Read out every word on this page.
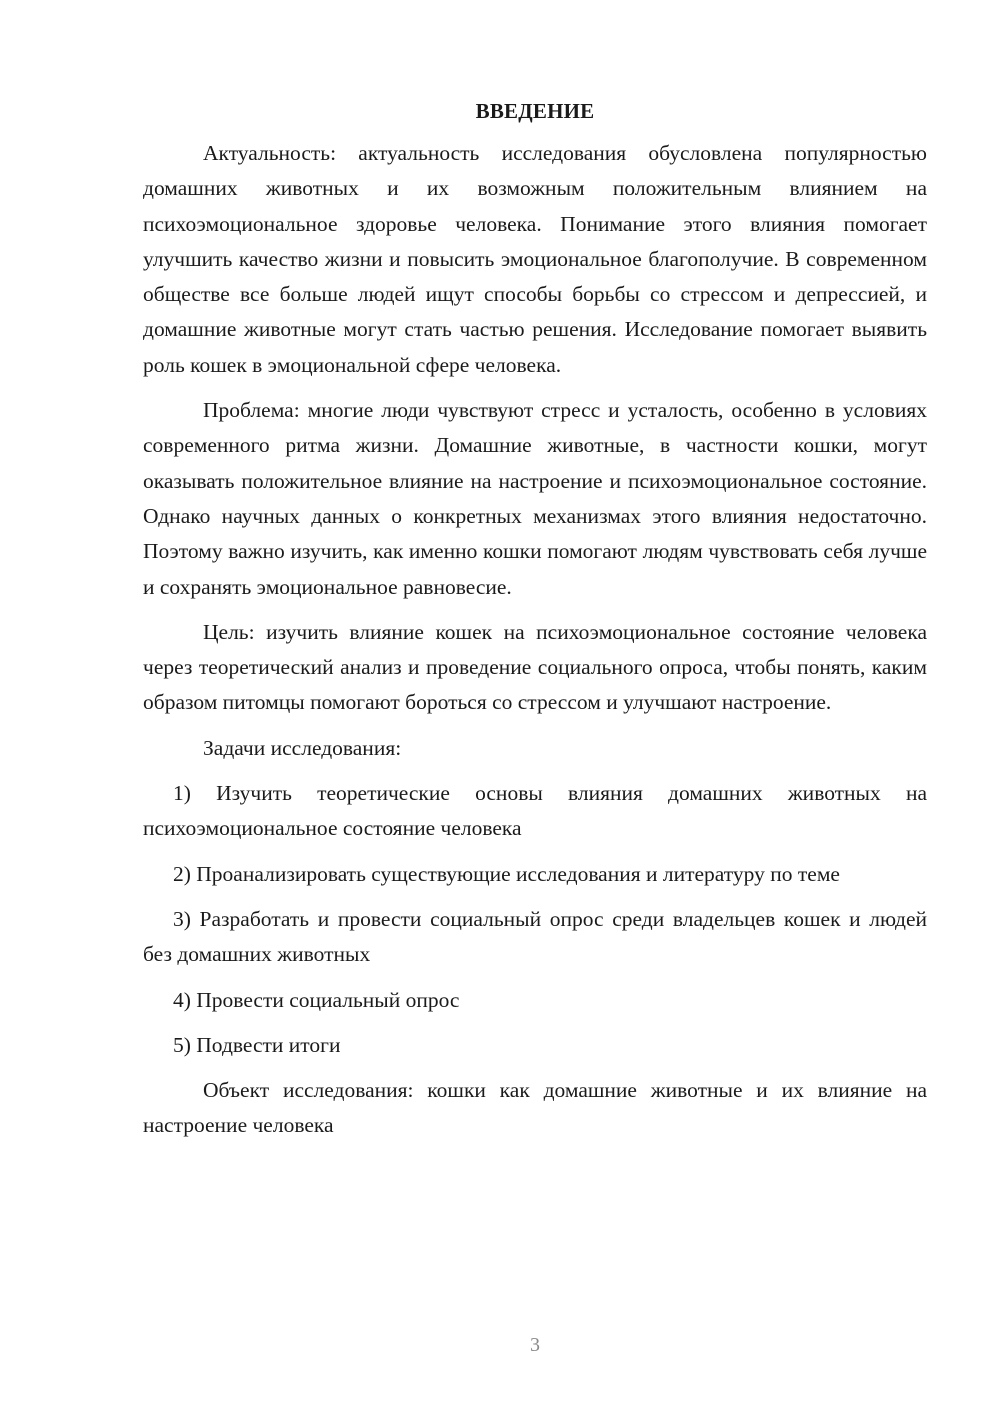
ВВЕДЕНИЕ

Актуальность: актуальность исследования обусловлена популярностью домашних животных и их возможным положительным влиянием на психоэмоциональное здоровье человека. Понимание этого влияния помогает улучшить качество жизни и повысить эмоциональное благополучие. В современном обществе все больше людей ищут способы борьбы со стрессом и депрессией, и домашние животные могут стать частью решения. Исследование помогает выявить роль кошек в эмоциональной сфере человека.

Проблема: многие люди чувствуют стресс и усталость, особенно в условиях современного ритма жизни. Домашние животные, в частности кошки, могут оказывать положительное влияние на настроение и психоэмоциональное состояние. Однако научных данных о конкретных механизмах этого влияния недостаточно. Поэтому важно изучить, как именно кошки помогают людям чувствовать себя лучше и сохранять эмоциональное равновесие.

Цель: изучить влияние кошек на психоэмоциональное состояние человека через теоретический анализ и проведение социального опроса, чтобы понять, каким образом питомцы помогают бороться со стрессом и улучшают настроение.

Задачи исследования:

1) Изучить теоретические основы влияния домашних животных на психоэмоциональное состояние человека

2) Проанализировать существующие исследования и литературу по теме

3) Разработать и провести социальный опрос среди владельцев кошек и людей без домашних животных

4) Провести социальный опрос

5) Подвести итоги

Объект исследования: кошки как домашние животные и их влияние на настроение человека

3
